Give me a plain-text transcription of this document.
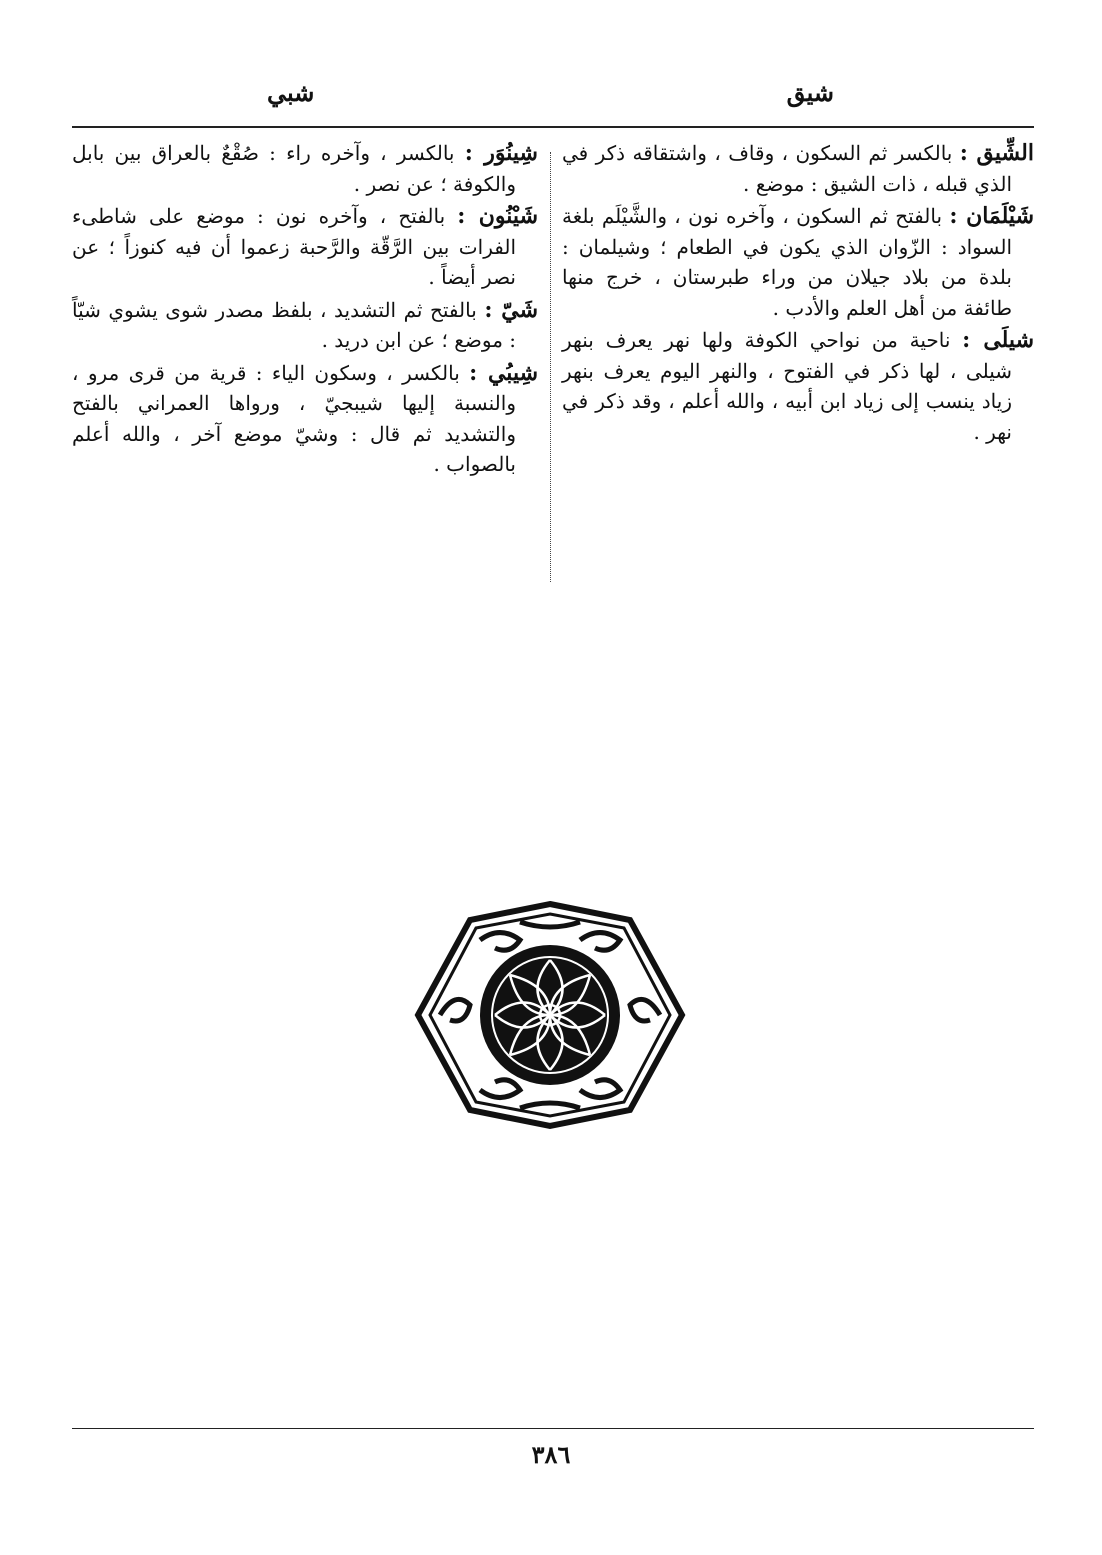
شيق
شبي

الشِّيق : بالكسر ثم السكون ، وقاف ، واشتقاقه ذكر في الذي قبله ، ذات الشيق : موضع .

شَيْلَمَان : بالفتح ثم السكون ، وآخره نون ، والشَّيْلَم بلغة السواد : الزّوان الذي يكون في الطعام ؛ وشيلمان : بلدة من بلاد جيلان من وراء طبرستان ، خرج منها طائفة من أهل العلم والأدب .

شيلَى : ناحية من نواحي الكوفة ولها نهر يعرف بنهر شيلى ، لها ذكر في الفتوح ، والنهر اليوم يعرف بنهر زياد ينسب إلى زياد ابن أبيه ، والله أعلم ، وقد ذكر في نهر .

شِينُوَر : بالكسر ، وآخره راء : صُقْعٌ بالعراق بين بابل والكوفة ؛ عن نصر .

شَيْنُون : بالفتح ، وآخره نون : موضع على شاطىء الفرات بين الرَّقّة والرَّحبة زعموا أن فيه كنوزاً ؛ عن نصر أيضاً .

شَيّ : بالفتح ثم التشديد ، بلفظ مصدر شوى يشوي شيّاً : موضع ؛ عن ابن دريد .

شِيبُي : بالكسر ، وسكون الياء : قرية من قرى مرو ، والنسبة إليها شيبجيّ ، ورواها العمراني بالفتح والتشديد ثم قال : وشيّ موضع آخر ، والله أعلم بالصواب .

٣٨٦
